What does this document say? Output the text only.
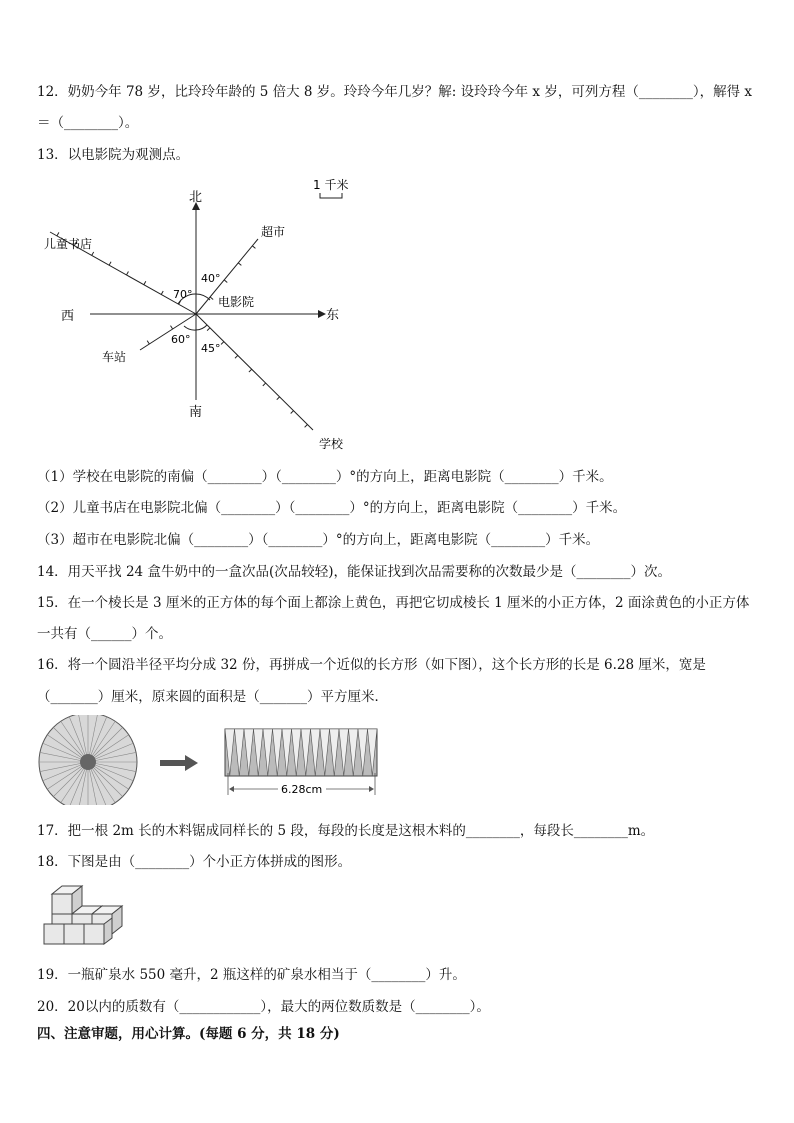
12．奶奶今年 78 岁，比玲玲年龄的 5 倍大 8 岁。玲玲今年几岁？解: 设玲玲今年 x 岁，可列方程（________），解得 x
＝（________）。
13．以电影院为观测点。
1 千米
北
南
东
西
电影院
儿童书店
超市
车站
学校
40°
70°
60°
45°
（1）学校在电影院的南偏（________）（________）°的方向上，距离电影院（________）千米。
（2）儿童书店在电影院北偏（________）（________）°的方向上，距离电影院（________）千米。
（3）超市在电影院北偏（________）（________）°的方向上，距离电影院（________）千米。
14．用天平找 24 盒牛奶中的一盒次品(次品较轻)，能保证找到次品需要称的次数最少是（________）次。
15．在一个棱长是 3 厘米的正方体的每个面上都涂上黄色，再把它切成棱长 1 厘米的小正方体，2 面涂黄色的小正方体
一共有（______）个。
16．将一个圆沿半径平均分成 32 份，再拼成一个近似的长方形（如下图），这个长方形的长是 6.28 厘米，宽是
（_______）厘米，原来圆的面积是（_______）平方厘米．
6.28cm
17．把一根 2m 长的木料锯成同样长的 5 段，每段的长度是这根木料的________，每段长________m。
18．下图是由（________）个小正方体拼成的图形。
19．一瓶矿泉水 550 毫升，2 瓶这样的矿泉水相当于（________）升。
20．20以内的质数有（____________），最大的两位数质数是（________）。
四、注意审题，用心计算。(每题 6 分，共 18 分)
